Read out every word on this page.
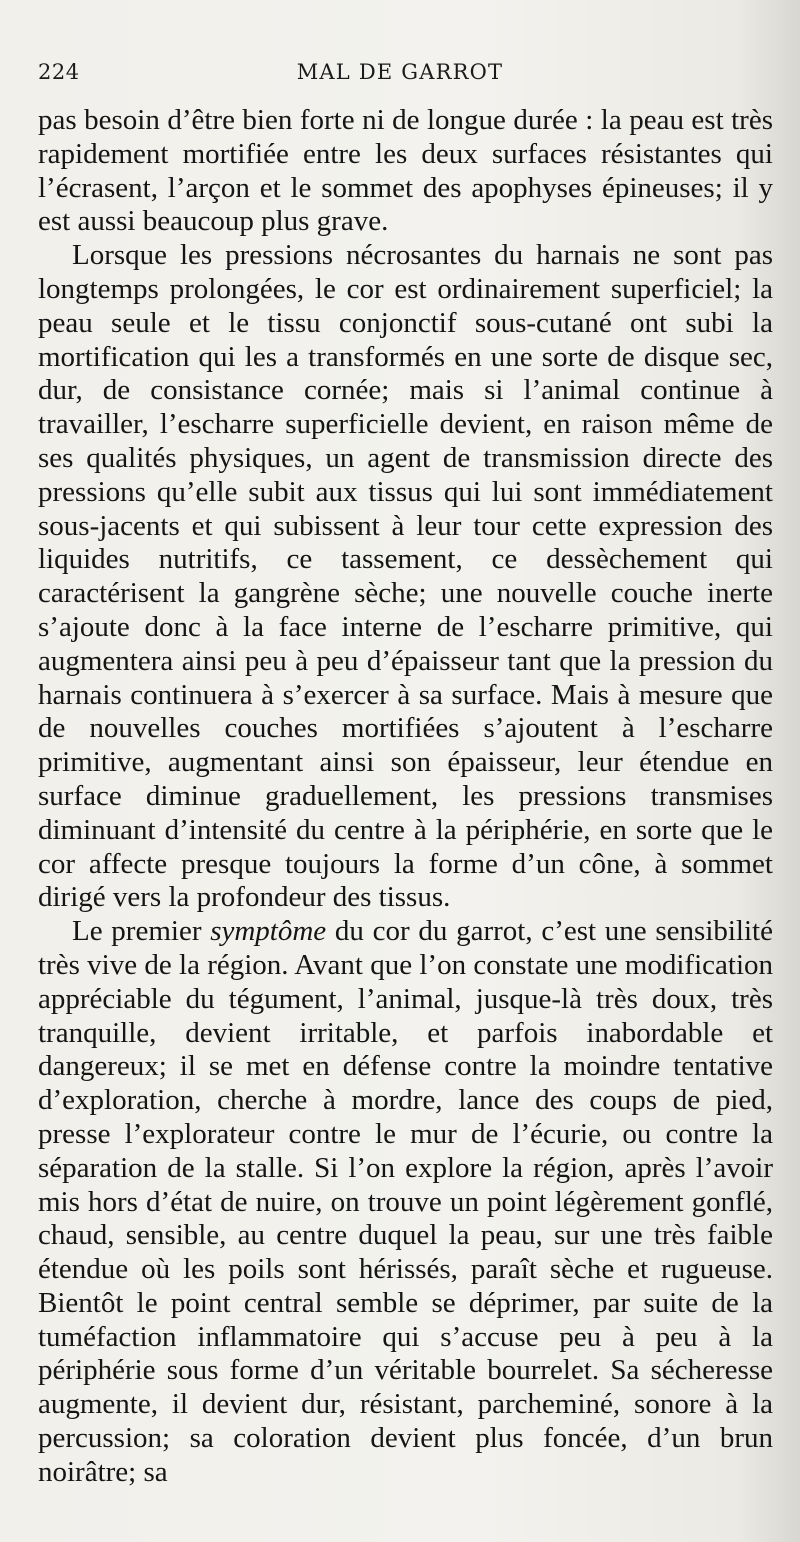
224	MAL DE GARROT

pas besoin d’être bien forte ni de longue durée : la peau est très rapidement mortifiée entre les deux surfaces résistantes qui l’écrasent, l’arçon et le sommet des apophyses épineuses; il y est aussi beaucoup plus grave.

Lorsque les pressions nécrosantes du harnais ne sont pas longtemps prolongées, le cor est ordinairement superficiel; la peau seule et le tissu conjonctif sous-cutané ont subi la mortification qui les a transformés en une sorte de disque sec, dur, de consistance cornée; mais si l’animal continue à travailler, l’escharre superficielle devient, en raison même de ses qualités physiques, un agent de transmission directe des pressions qu’elle subit aux tissus qui lui sont immédiatement sous-jacents et qui subissent à leur tour cette expression des liquides nutritifs, ce tassement, ce dessèchement qui caractérisent la gangrène sèche; une nouvelle couche inerte s’ajoute donc à la face interne de l’escharre primitive, qui augmentera ainsi peu à peu d’épaisseur tant que la pression du harnais continuera à s’exercer à sa surface. Mais à mesure que de nouvelles couches mortifiées s’ajoutent à l’escharre primitive, augmentant ainsi son épaisseur, leur étendue en surface diminue graduellement, les pressions transmises diminuant d’intensité du centre à la périphérie, en sorte que le cor affecte presque toujours la forme d’un cône, à sommet dirigé vers la profondeur des tissus.

Le premier symptôme du cor du garrot, c’est une sensibilité très vive de la région. Avant que l’on constate une modification appréciable du tégument, l’animal, jusque-là très doux, très tranquille, devient irritable, et parfois inabordable et dangereux; il se met en défense contre la moindre tentative d’exploration, cherche à mordre, lance des coups de pied, presse l’explorateur contre le mur de l’écurie, ou contre la séparation de la stalle. Si l’on explore la région, après l’avoir mis hors d’état de nuire, on trouve un point légèrement gonflé, chaud, sensible, au centre duquel la peau, sur une très faible étendue où les poils sont hérissés, paraît sèche et rugueuse. Bientôt le point central semble se déprimer, par suite de la tuméfaction inflammatoire qui s’accuse peu à peu à la périphérie sous forme d’un véritable bourrelet. Sa sécheresse augmente, il devient dur, résistant, parcheminé, sonore à la percussion; sa coloration devient plus foncée, d’un brun noirâtre; sa
